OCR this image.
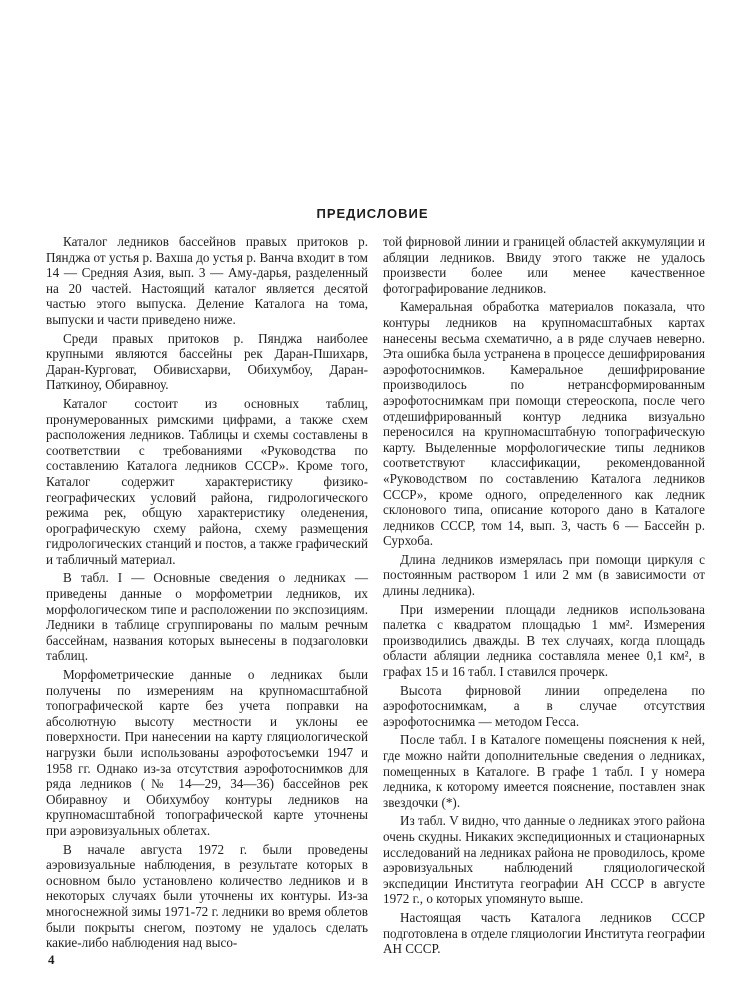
ПРЕДИСЛОВИЕ

Каталог ледников бассейнов правых притоков р. Пянджа от устья р. Вахша до устья р. Ванча входит в том 14 — Средняя Азия, вып. 3 — Аму-дарья, разделенный на 20 частей. Настоящий каталог является десятой частью этого выпуска. Деление Каталога на тома, выпуски и части приведено ниже.

Среди правых притоков р. Пянджа наиболее крупными являются бассейны рек Даран-Пшихарв, Даран-Курговат, Обивисхарви, Обихумбоу, Даран-Паткиноу, Обиравноу.

Каталог состоит из основных таблиц, пронумерованных римскими цифрами, а также схем расположения ледников. Таблицы и схемы составлены в соответствии с требованиями «Руководства по составлению Каталога ледников СССР». Кроме того, Каталог содержит характеристику физико-географических условий района, гидрологического режима рек, общую характеристику оледенения, орографическую схему района, схему размещения гидрологических станций и постов, а также графический и табличный материал.

В табл. I — Основные сведения о ледниках — приведены данные о морфометрии ледников, их морфологическом типе и расположении по экспозициям. Ледники в таблице сгруппированы по малым речным бассейнам, названия которых вынесены в подзаголовки таблиц.

Морфометрические данные о ледниках были получены по измерениям на крупномасштабной топографической карте без учета поправки на абсолютную высоту местности и уклоны ее поверхности. При нанесении на карту гляциологической нагрузки были использованы аэрофотосъемки 1947 и 1958 гг. Однако из-за отсутствия аэрофотоснимков для ряда ледников (№ 14—29, 34—36) бассейнов рек Обиравноу и Обихумбоу контуры ледников на крупномасштабной топографической карте уточнены при аэровизуальных облетах.

В начале августа 1972 г. были проведены аэровизуальные наблюдения, в результате которых в основном было установлено количество ледников и в некоторых случаях были уточнены их контуры. Из-за многоснежной зимы 1971-72 г. ледники во время облетов были покрыты снегом, поэтому не удалось сделать какие-либо наблюдения над высо-

той фирновой линии и границей областей аккумуляции и абляции ледников. Ввиду этого также не удалось произвести более или менее качественное фотографирование ледников.

Камеральная обработка материалов показала, что контуры ледников на крупномасштабных картах нанесены весьма схематично, а в ряде случаев неверно. Эта ошибка была устранена в процессе дешифрирования аэрофотоснимков. Камеральное дешифрирование производилось по нетрансформированным аэрофотоснимкам при помощи стереоскопа, после чего отдешифрированный контур ледника визуально переносился на крупномасштабную топографическую карту. Выделенные морфологические типы ледников соответствуют классификации, рекомендованной «Руководством по составлению Каталога ледников СССР», кроме одного, определенного как ледник склонового типа, описание которого дано в Каталоге ледников СССР, том 14, вып. 3, часть 6 — Бассейн р. Сурхоба.

Длина ледников измерялась при помощи циркуля с постоянным раствором 1 или 2 мм (в зависимости от длины ледника).

При измерении площади ледников использована палетка с квадратом площадью 1 мм². Измерения производились дважды. В тех случаях, когда площадь области абляции ледника составляла менее 0,1 км², в графах 15 и 16 табл. I ставился прочерк.

Высота фирновой линии определена по аэрофотоснимкам, а в случае отсутствия аэрофотоснимка — методом Гесса.

После табл. I в Каталоге помещены пояснения к ней, где можно найти дополнительные сведения о ледниках, помещенных в Каталоге. В графе 1 табл. I у номера ледника, к которому имеется пояснение, поставлен знак звездочки (*).

Из табл. V видно, что данные о ледниках этого района очень скудны. Никаких экспедиционных и стационарных исследований на ледниках района не проводилось, кроме аэровизуальных наблюдений гляциологической экспедиции Института географии АН СССР в августе 1972 г., о которых упомянуто выше.

Настоящая часть Каталога ледников СССР подготовлена в отделе гляциологии Института географии АН СССР.

4
